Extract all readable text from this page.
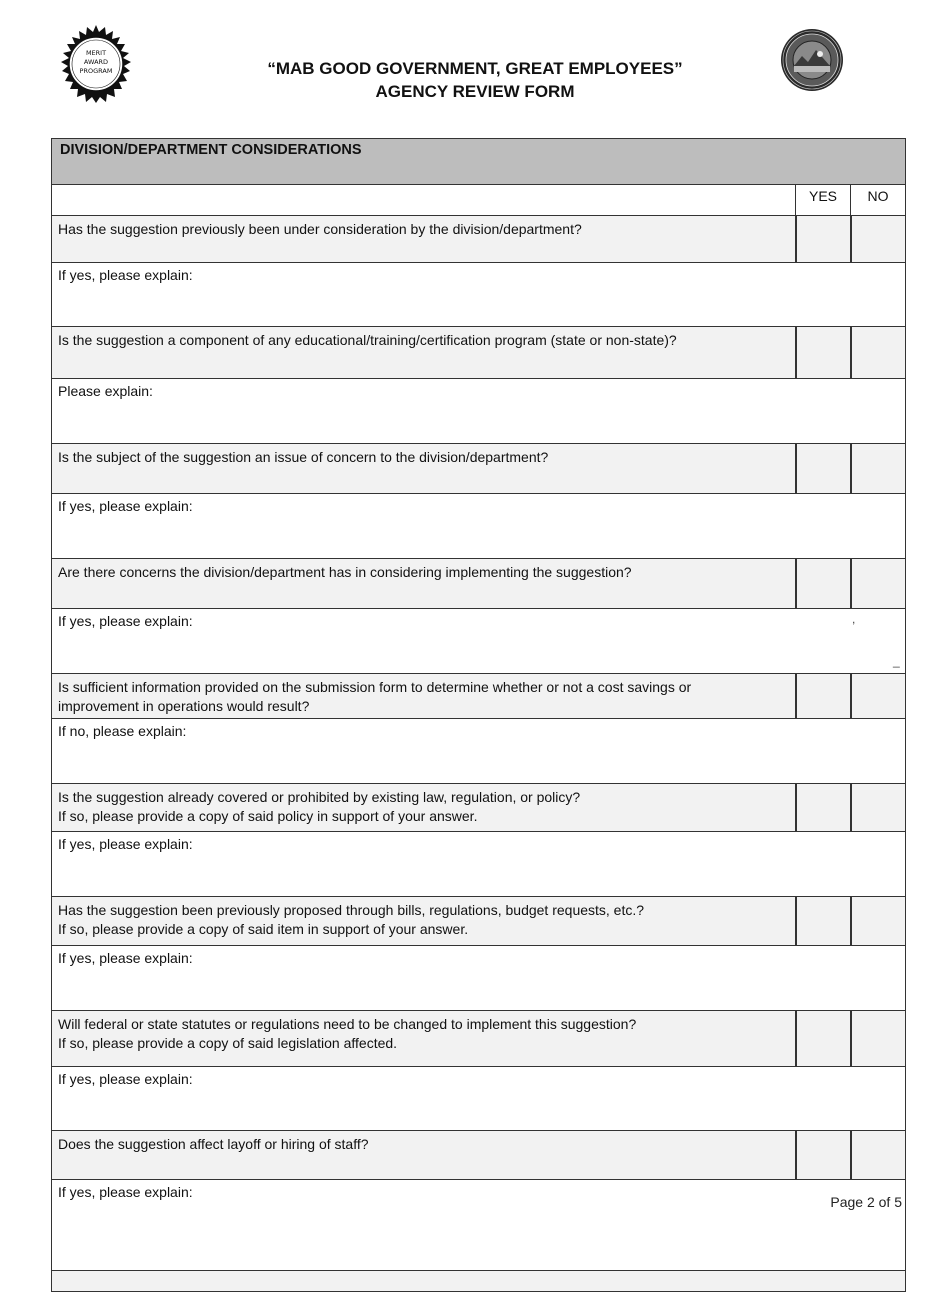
MERIT
AWARD
PROGRAM	“MAB GOOD GOVERNMENT, GREAT EMPLOYEES”
AGENCY REVIEW FORM
DIVISION/DEPARTMENT CONSIDERATIONS		
	YES	NO

Has the suggestion previously been under consideration by the division/department?		

If yes, please explain:		

Is the suggestion a component of any educational/training/certification program (state or non-state)?		

Please explain:		

Is the subject of the suggestion an issue of concern to the division/department?		

If yes, please explain:		

Are there concerns the division/department has in considering implementing the suggestion?		

If yes, please explain:		

Is sufficient information provided on the submission form to determine whether or not a cost savings or
improvement in operations would result?		

If no, please explain:		

Is the suggestion already covered or prohibited by existing law, regulation, or policy?
If so, please provide a copy of said policy in support of your answer.		

If yes, please explain:		

Has the suggestion been previously proposed through bills, regulations, budget requests, etc.?
If so, please provide a copy of said item in support of your answer.		

If yes, please explain:		

Will federal or state statutes or regulations need to be changed to implement this suggestion?
If so, please provide a copy of said legislation affected.		

If yes, please explain:		

Does the suggestion affect layoff or hiring of staff?		

If yes, please explain:		

,
_
Page 2 of 5
